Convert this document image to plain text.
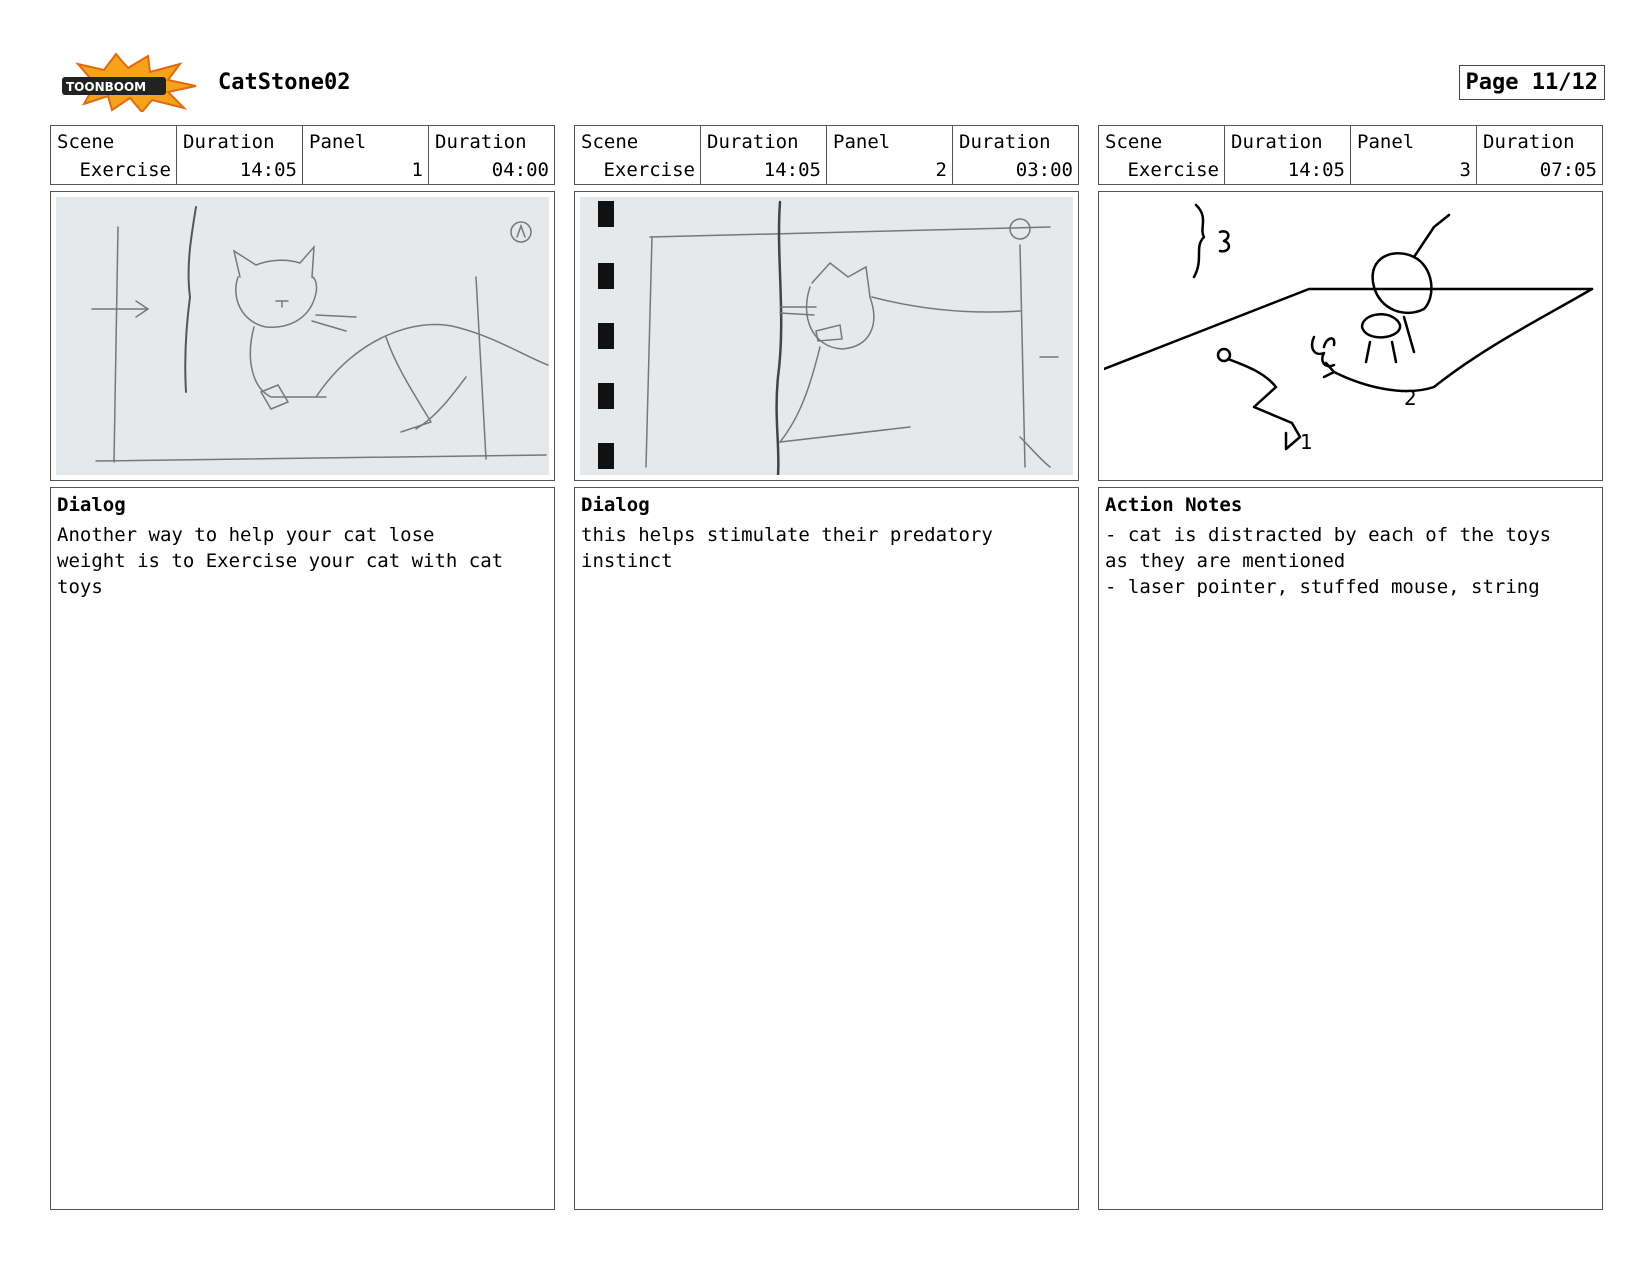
TOONBOOM	CatStone02	Page 11/12
Scene
Exercise
Duration
14:05
Panel
1
Duration
04:00
Dialog
Another way to help your cat lose
weight is to Exercise your cat with cat
toys
Scene
Exercise
Duration
14:05
Panel
2
Duration
03:00
Dialog
this helps stimulate their predatory
instinct
Scene
Exercise
Duration
14:05
Panel
3
Duration
07:05
2
1
Action Notes
- cat is distracted by each of the toys
as they are mentioned
- laser pointer, stuffed mouse, string
